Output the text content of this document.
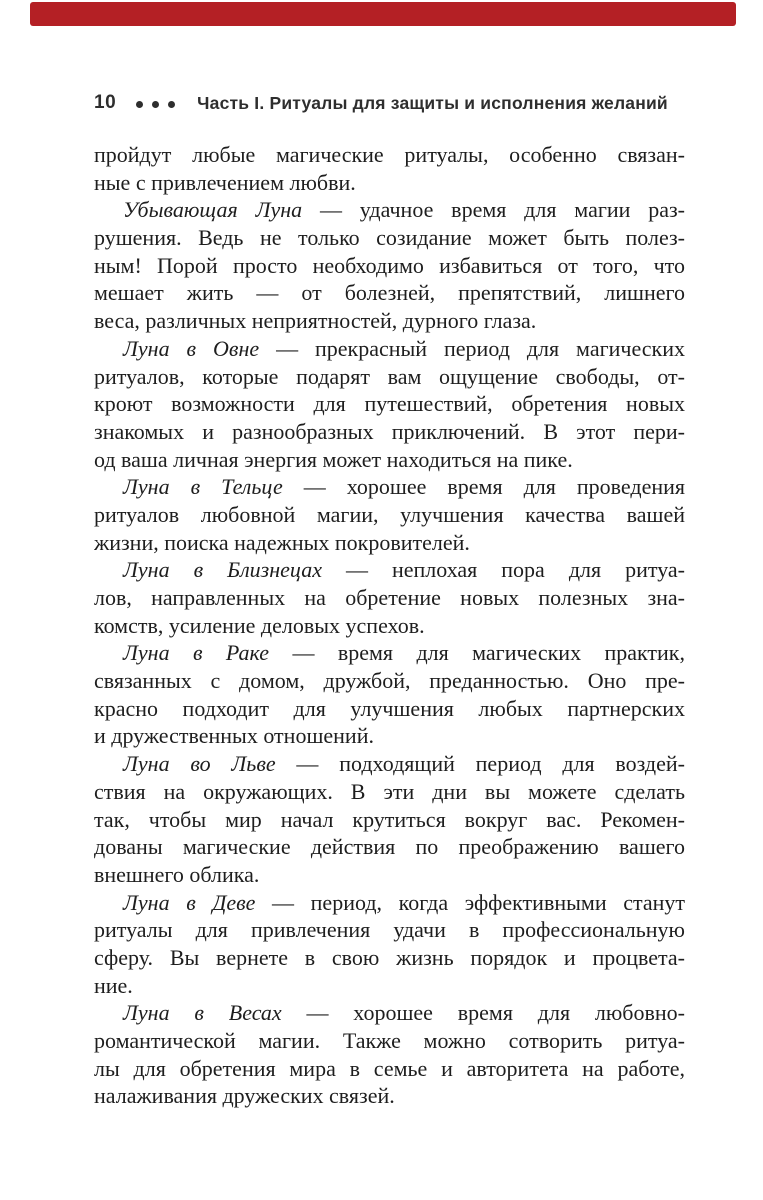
10	Часть I. Ритуалы для защиты и исполнения желаний
пройдут любые магические ритуалы, особенно связан-
ные с привлечением любви.
Убывающая Луна — удачное время для магии раз-
рушения. Ведь не только созидание может быть полез-
ным! Порой просто необходимо избавиться от того, что
мешает жить — от болезней, препятствий, лишнего
веса, различных неприятностей, дурного глаза.
Луна в Овне — прекрасный период для магических
ритуалов, которые подарят вам ощущение свободы, от-
кроют возможности для путешествий, обретения новых
знакомых и разнообразных приключений. В этот пери-
од ваша личная энергия может находиться на пике.
Луна в Тельце — хорошее время для проведения
ритуалов любовной магии, улучшения качества вашей
жизни, поиска надежных покровителей.
Луна в Близнецах — неплохая пора для ритуа-
лов, направленных на обретение новых полезных зна-
комств, усиление деловых успехов.
Луна в Раке — время для магических практик,
связанных с домом, дружбой, преданностью. Оно пре-
красно подходит для улучшения любых партнерских
и дружественных отношений.
Луна во Льве — подходящий период для воздей-
ствия на окружающих. В эти дни вы можете сделать
так, чтобы мир начал крутиться вокруг вас. Рекомен-
дованы магические действия по преображению вашего
внешнего облика.
Луна в Деве — период, когда эффективными станут
ритуалы для привлечения удачи в профессиональную
сферу. Вы вернете в свою жизнь порядок и процвета-
ние.
Луна в Весах — хорошее время для любовно-
романтической магии. Также можно сотворить ритуа-
лы для обретения мира в семье и авторитета на работе,
налаживания дружеских связей.
